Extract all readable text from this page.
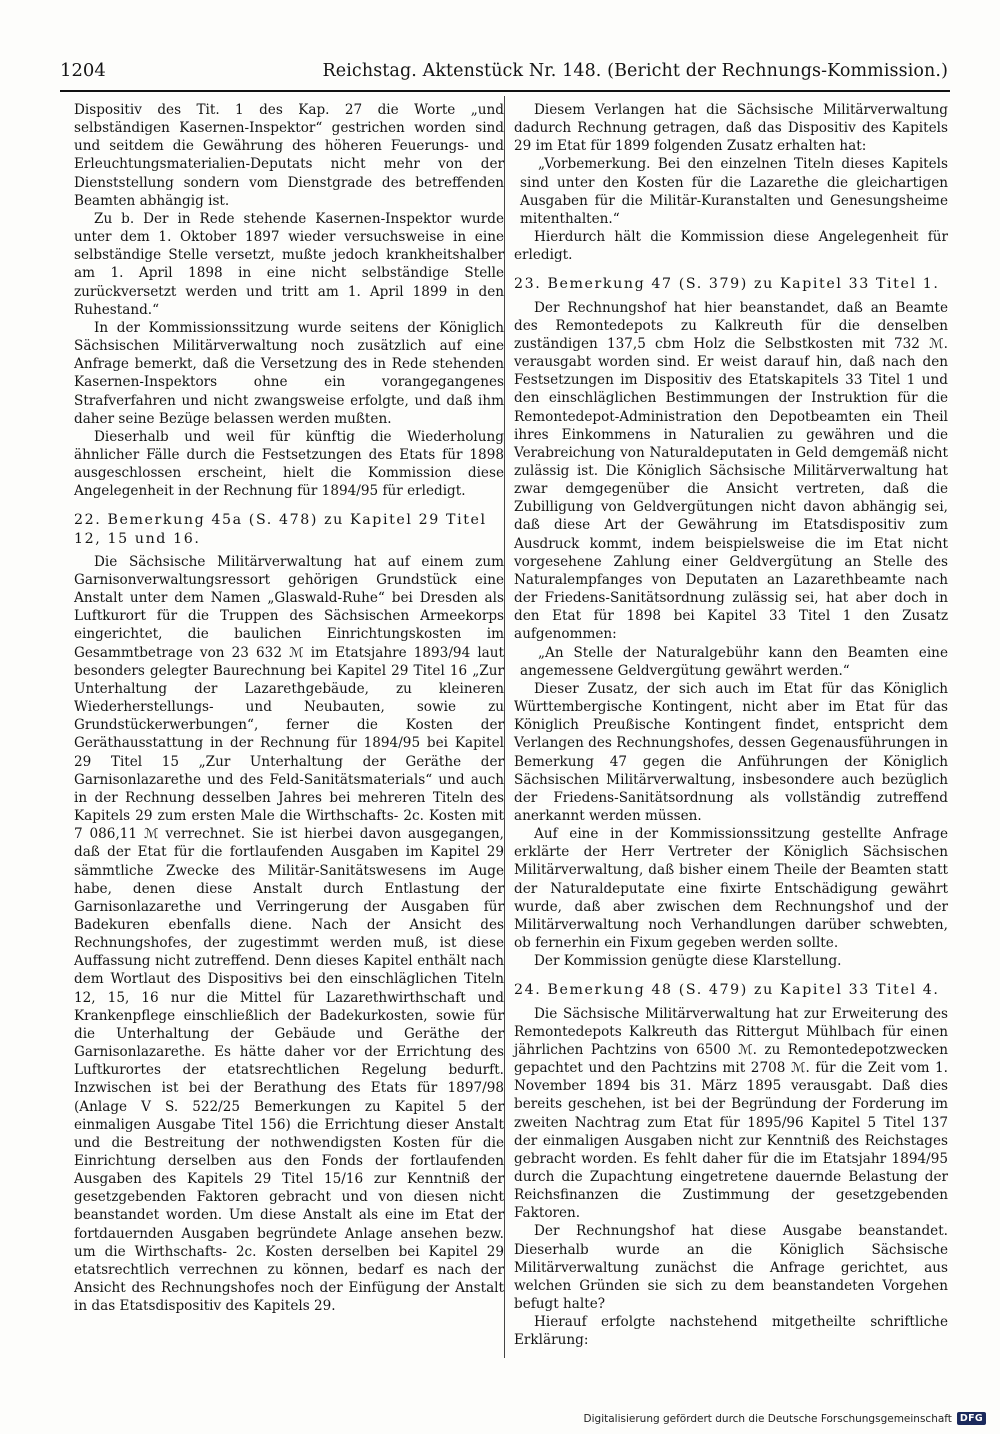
1204	Reichstag. Aktenstück Nr. 148. (Bericht der Rechnungs-Kommission.)

Dispositiv des Tit. 1 des Kap. 27 die Worte „und selbständigen Kasernen-Inspektor“ gestrichen worden sind und seitdem die Gewährung des höheren Feuerungs- und Erleuchtungsmaterialien-Deputats nicht mehr von der Dienststellung sondern vom Dienstgrade des betreffenden Beamten abhängig ist.

Zu b. Der in Rede stehende Kasernen-Inspektor wurde unter dem 1. Oktober 1897 wieder versuchsweise in eine selbständige Stelle versetzt, mußte jedoch krankheitshalber am 1. April 1898 in eine nicht selbständige Stelle zurückversetzt werden und tritt am 1. April 1899 in den Ruhestand.“

In der Kommissionssitzung wurde seitens der Königlich Sächsischen Militärverwaltung noch zusätzlich auf eine Anfrage bemerkt, daß die Versetzung des in Rede stehenden Kasernen-Inspektors ohne ein vorangegangenes Strafverfahren und nicht zwangsweise erfolgte, und daß ihm daher seine Bezüge belassen werden mußten.

Dieserhalb und weil für künftig die Wiederholung ähnlicher Fälle durch die Festsetzungen des Etats für 1898 ausgeschlossen erscheint, hielt die Kommission diese Angelegenheit in der Rechnung für 1894/95 für erledigt.

22. Bemerkung 45a (S. 478) zu Kapitel 29 Titel 12, 15 und 16.

Die Sächsische Militärverwaltung hat auf einem zum Garnisonverwaltungsressort gehörigen Grundstück eine Anstalt unter dem Namen „Glaswald-Ruhe“ bei Dresden als Luftkurort für die Truppen des Sächsischen Armeekorps eingerichtet, die baulichen Einrichtungskosten im Gesammtbetrage von 23 632 ℳ im Etatsjahre 1893/94 laut besonders gelegter Baurechnung bei Kapitel 29 Titel 16 „Zur Unterhaltung der Lazarethgebäude, zu kleineren Wiederherstellungs- und Neubauten, sowie zu Grundstückerwerbungen“, ferner die Kosten der Geräthausstattung in der Rechnung für 1894/95 bei Kapitel 29 Titel 15 „Zur Unterhaltung der Geräthe der Garnisonlazarethe und des Feld-Sanitätsmaterials“ und auch in der Rechnung desselben Jahres bei mehreren Titeln des Kapitels 29 zum ersten Male die Wirthschafts- 2c. Kosten mit 7 086,11 ℳ verrechnet. Sie ist hierbei davon ausgegangen, daß der Etat für die fortlaufenden Ausgaben im Kapitel 29 sämmtliche Zwecke des Militär-Sanitätswesens im Auge habe, denen diese Anstalt durch Entlastung der Garnisonlazarethe und Verringerung der Ausgaben für Badekuren ebenfalls diene. Nach der Ansicht des Rechnungshofes, der zugestimmt werden muß, ist diese Auffassung nicht zutreffend. Denn dieses Kapitel enthält nach dem Wortlaut des Dispositivs bei den einschläglichen Titeln 12, 15, 16 nur die Mittel für Lazarethwirthschaft und Krankenpflege einschließlich der Badekurkosten, sowie für die Unterhaltung der Gebäude und Geräthe der Garnisonlazarethe. Es hätte daher vor der Errichtung des Luftkurortes der etatsrechtlichen Regelung bedurft. Inzwischen ist bei der Berathung des Etats für 1897/98 (Anlage V S. 522/25 Bemerkungen zu Kapitel 5 der einmaligen Ausgabe Titel 156) die Errichtung dieser Anstalt und die Bestreitung der nothwendigsten Kosten für die Einrichtung derselben aus den Fonds der fortlaufenden Ausgaben des Kapitels 29 Titel 15/16 zur Kenntniß der gesetzgebenden Faktoren gebracht und von diesen nicht beanstandet worden. Um diese Anstalt als eine im Etat der fortdauernden Ausgaben begründete Anlage ansehen bezw. um die Wirthschafts- 2c. Kosten derselben bei Kapitel 29 etatsrechtlich verrechnen zu können, bedarf es nach der Ansicht des Rechnungshofes noch der Einfügung der Anstalt in das Etatsdispositiv des Kapitels 29.

Diesem Verlangen hat die Sächsische Militärverwaltung dadurch Rechnung getragen, daß das Dispositiv des Kapitels 29 im Etat für 1899 folgenden Zusatz erhalten hat:

„Vorbemerkung. Bei den einzelnen Titeln dieses Kapitels sind unter den Kosten für die Lazarethe die gleichartigen Ausgaben für die Militär-Kuranstalten und Genesungsheime mitenthalten.“

Hierdurch hält die Kommission diese Angelegenheit für erledigt.

23. Bemerkung 47 (S. 379) zu Kapitel 33 Titel 1.

Der Rechnungshof hat hier beanstandet, daß an Beamte des Remontedepots zu Kalkreuth für die denselben zuständigen 137,5 cbm Holz die Selbstkosten mit 732 ℳ. verausgabt worden sind. Er weist darauf hin, daß nach den Festsetzungen im Dispositiv des Etatskapitels 33 Titel 1 und den einschläglichen Bestimmungen der Instruktion für die Remontedepot-Administration den Depotbeamten ein Theil ihres Einkommens in Naturalien zu gewähren und die Verabreichung von Naturaldeputaten in Geld demgemäß nicht zulässig ist. Die Königlich Sächsische Militärverwaltung hat zwar demgegenüber die Ansicht vertreten, daß die Zubilligung von Geldvergütungen nicht davon abhängig sei, daß diese Art der Gewährung im Etatsdispositiv zum Ausdruck kommt, indem beispielsweise die im Etat nicht vorgesehene Zahlung einer Geldvergütung an Stelle des Naturalempfanges von Deputaten an Lazarethbeamte nach der Friedens-Sanitätsordnung zulässig sei, hat aber doch in den Etat für 1898 bei Kapitel 33 Titel 1 den Zusatz aufgenommen:

„An Stelle der Naturalgebühr kann den Beamten eine angemessene Geldvergütung gewährt werden.“

Dieser Zusatz, der sich auch im Etat für das Königlich Württembergische Kontingent, nicht aber im Etat für das Königlich Preußische Kontingent findet, entspricht dem Verlangen des Rechnungshofes, dessen Gegenausführungen in Bemerkung 47 gegen die Anführungen der Königlich Sächsischen Militärverwaltung, insbesondere auch bezüglich der Friedens-Sanitätsordnung als vollständig zutreffend anerkannt werden müssen.

Auf eine in der Kommissionssitzung gestellte Anfrage erklärte der Herr Vertreter der Königlich Sächsischen Militärverwaltung, daß bisher einem Theile der Beamten statt der Naturaldeputate eine fixirte Entschädigung gewährt wurde, daß aber zwischen dem Rechnungshof und der Militärverwaltung noch Verhandlungen darüber schwebten, ob fernerhin ein Fixum gegeben werden sollte.

Der Kommission genügte diese Klarstellung.

24. Bemerkung 48 (S. 479) zu Kapitel 33 Titel 4.

Die Sächsische Militärverwaltung hat zur Erweiterung des Remontedepots Kalkreuth das Rittergut Mühlbach für einen jährlichen Pachtzins von 6500 ℳ. zu Remontedepotzwecken gepachtet und den Pachtzins mit 2708 ℳ. für die Zeit vom 1. November 1894 bis 31. März 1895 verausgabt. Daß dies bereits geschehen, ist bei der Begründung der Forderung im zweiten Nachtrag zum Etat für 1895/96 Kapitel 5 Titel 137 der einmaligen Ausgaben nicht zur Kenntniß des Reichstages gebracht worden. Es fehlt daher für die im Etatsjahr 1894/95 durch die Zupachtung eingetretene dauernde Belastung der Reichsfinanzen die Zustimmung der gesetzgebenden Faktoren.

Der Rechnungshof hat diese Ausgabe beanstandet. Dieserhalb wurde an die Königlich Sächsische Militärverwaltung zunächst die Anfrage gerichtet, aus welchen Gründen sie sich zu dem beanstandeten Vorgehen befugt halte?

Hierauf erfolgte nachstehend mitgetheilte schriftliche Erklärung:

Digitalisierung gefördert durch die Deutsche Forschungsgemeinschaft DFG
